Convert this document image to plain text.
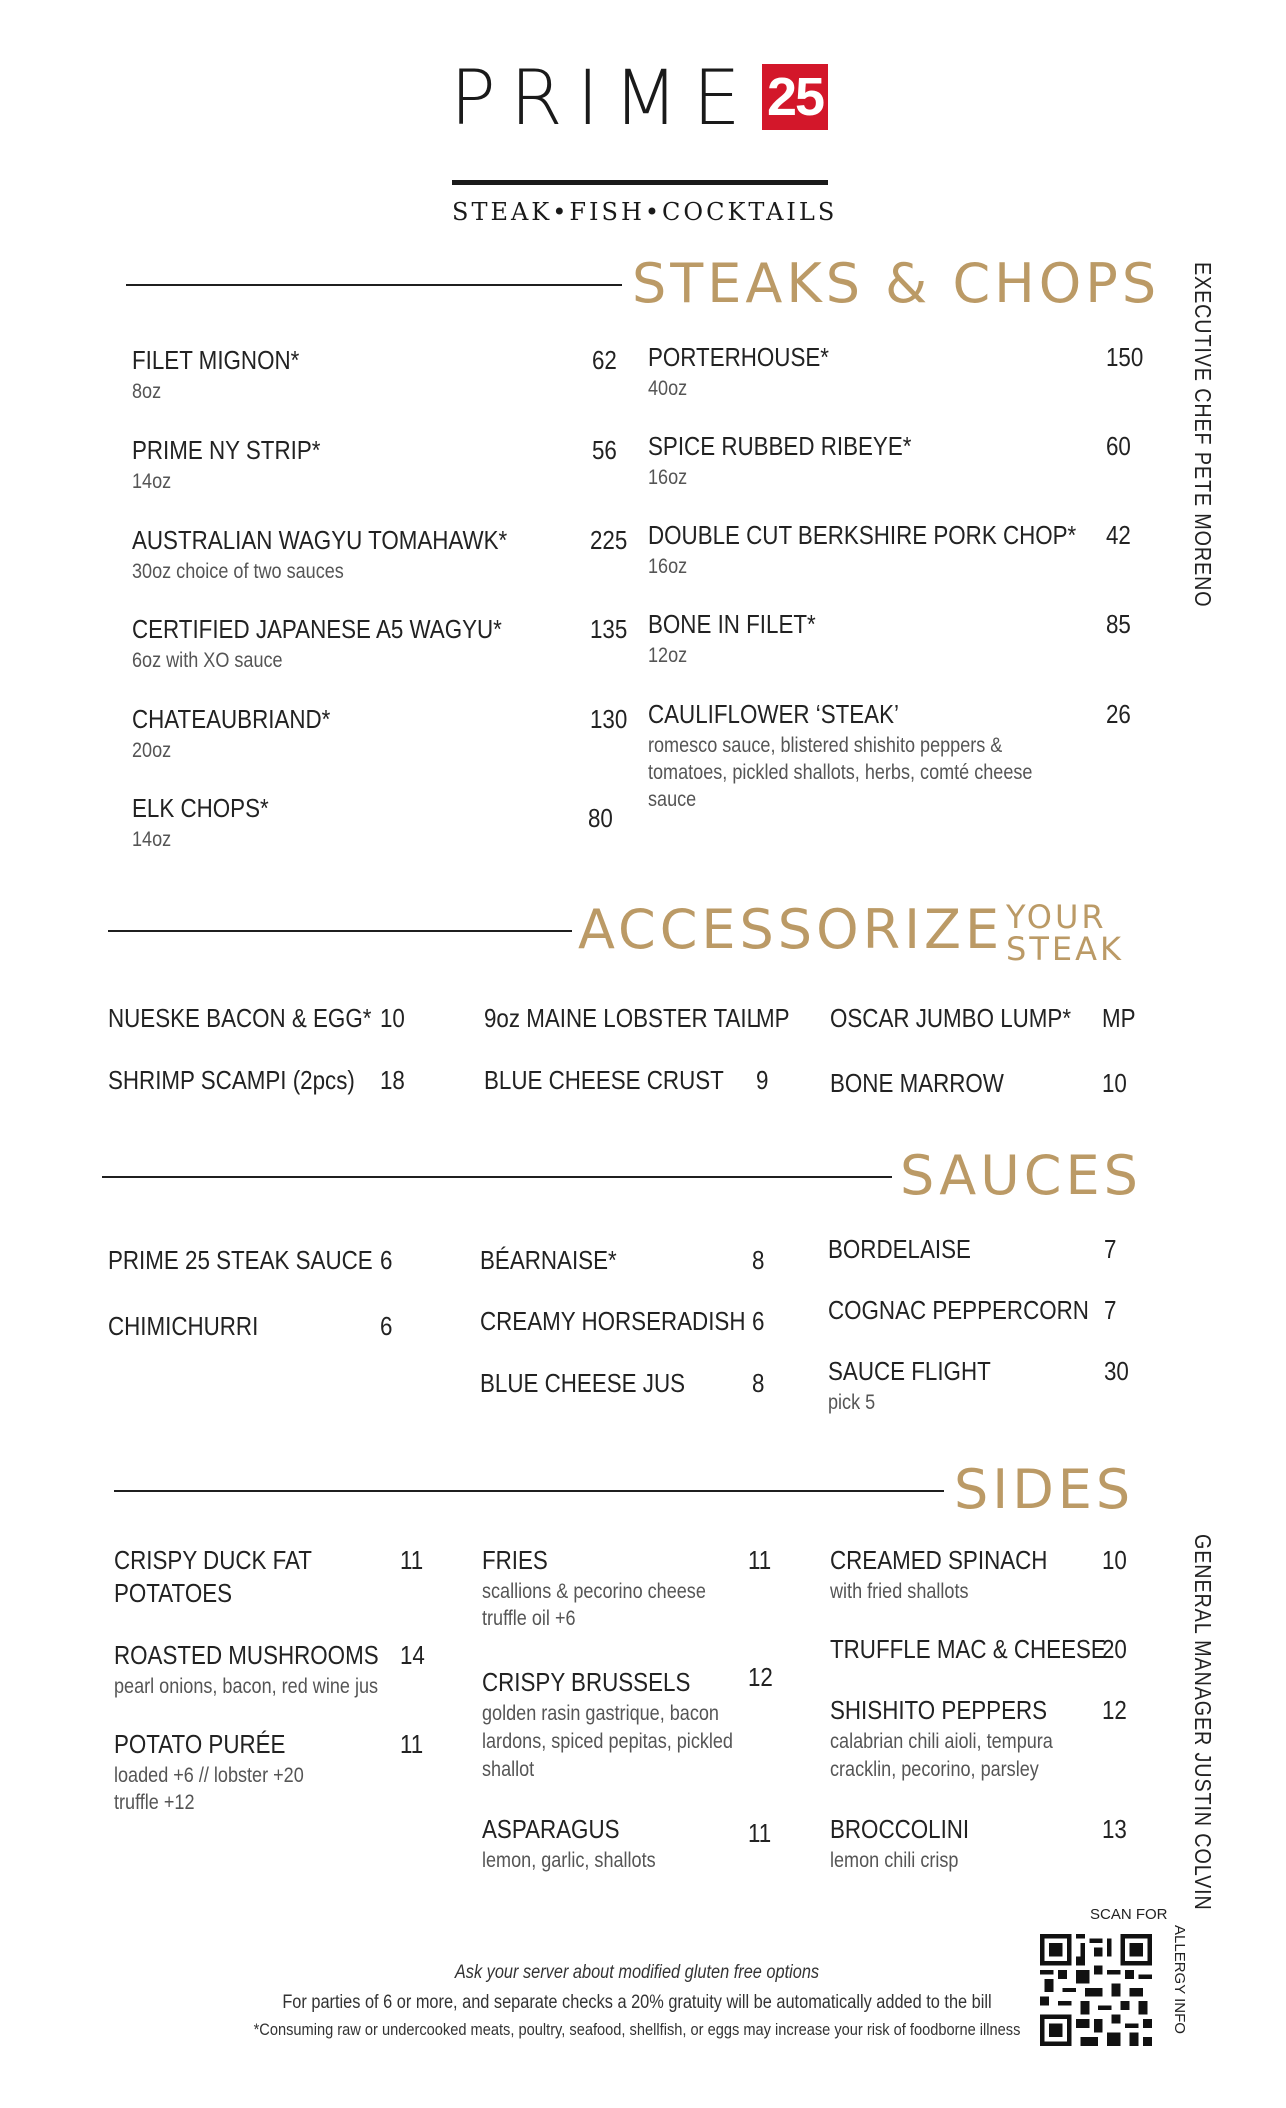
PRIME 25
STEAK•FISH•COCKTAILS
EXECUTIVE CHEF PETE MORENO
GENERAL MANAGER JUSTIN COLVIN
STEAKS & CHOPS
FILET MIGNON*
8oz
62
PRIME NY STRIP*
14oz
56
AUSTRALIAN WAGYU TOMAHAWK*
30oz choice of two sauces
225
CERTIFIED JAPANESE A5 WAGYU*
6oz with XO sauce
135
CHATEAUBRIAND*
20oz
130
ELK CHOPS*
14oz
80
PORTERHOUSE*
40oz
150
SPICE RUBBED RIBEYE*
16oz
60
DOUBLE CUT BERKSHIRE PORK CHOP*
16oz
42
BONE IN FILET*
12oz
85
CAULIFLOWER ‘STEAK’
romesco sauce, blistered shishito peppers &
tomatoes, pickled shallots, herbs, comté cheese
sauce
26
ACCESSORIZE YOUR
STEAK
NUESKE BACON & EGG* 10
SHRIMP SCAMPI (2pcs) 18
9oz MAINE LOBSTER TAIL
MP
BLUE CHEESE CRUST 9
OSCAR JUMBO LUMP* MP
BONE MARROW	10
SAUCES
PRIME 25 STEAK SAUCE 6
CHIMICHURRI	6
BÉARNAISE*	8
CREAMY HORSERADISH 6
BLUE CHEESE JUS	8
BORDELAISE	7
COGNAC PEPPERCORN 7
SAUCE FLIGHT
pick 5
30
SIDES
CRISPY DUCK FAT
POTATOES
11
ROASTED MUSHROOMS
pearl onions, bacon, red wine jus
14
POTATO PURÉE
loaded +6 // lobster +20
truffle +12
11
FRIES
scallions & pecorino cheese
truffle oil +6
11
CRISPY BRUSSELS
golden rasin gastrique, bacon
lardons, spiced pepitas, pickled
shallot
12
ASPARAGUS
lemon, garlic, shallots
11
CREAMED SPINACH
with fried shallots
10
TRUFFLE MAC & CHEESE
20
SHISHITO PEPPERS
calabrian chili aioli, tempura
cracklin, pecorino, parsley
12
BROCCOLINI
lemon chili crisp
13
Ask your server about modified gluten free options
For parties of 6 or more, and separate checks a 20% gratuity will be automatically added to the bill
*Consuming raw or undercooked meats, poultry, seafood, shellfish, or eggs may increase your risk of foodborne illness
SCAN FOR
ALLERGY INFO
